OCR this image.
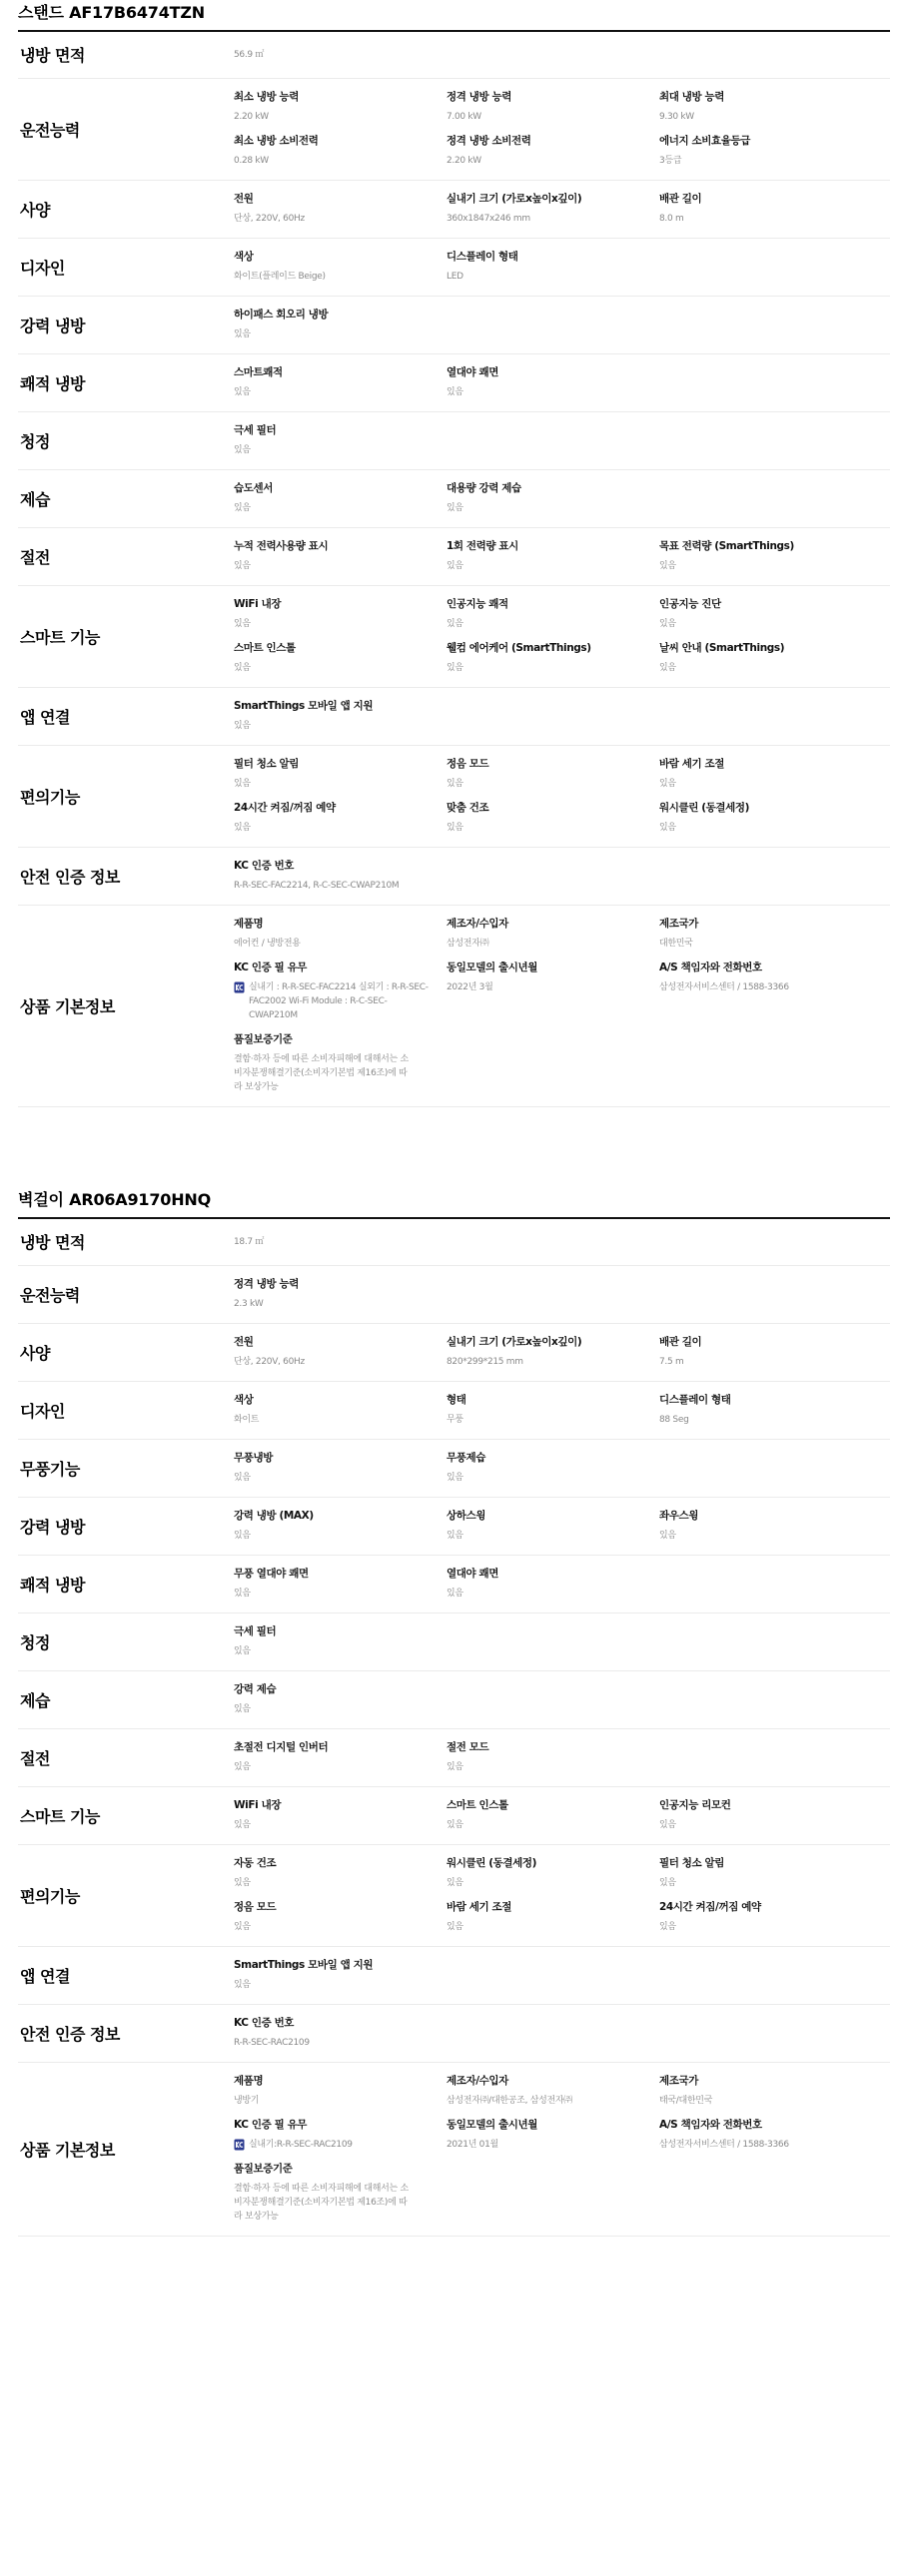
스탠드 AF17B6474TZN
냉방 면적	56.9 ㎡
운전능력
최소 냉방 능력
2.20 kW
정격 냉방 능력
7.00 kW
최대 냉방 능력
9.30 kW
최소 냉방 소비전력
0.28 kW
정격 냉방 소비전력
2.20 kW
에너지 소비효율등급
3등급
사양
전원
단상, 220V, 60Hz
실내기 크기 (가로x높이x깊이)
360x1847x246 mm
배관 길이
8.0 m
디자인
색상
화이트(플레이드 Beige)
디스플레이 형태
LED
강력 냉방
하이패스 회오리 냉방
있음
쾌적 냉방
스마트쾌적
있음
열대야 쾌면
있음
청정
극세 필터
있음
제습
습도센서
있음
대용량 강력 제습
있음
절전
누적 전력사용량 표시
있음
1회 전력량 표시
있음
목표 전력량 (SmartThings)
있음
스마트 기능
WiFi 내장
있음
인공지능 쾌적
있음
인공지능 진단
있음
스마트 인스톨
있음
웰컴 에어케어 (SmartThings)
있음
날씨 안내 (SmartThings)
있음
앱 연결
SmartThings 모바일 앱 지원
있음
편의기능
필터 청소 알림
있음
정음 모드
있음
바람 세기 조절
있음
24시간 켜짐/꺼짐 예약
있음
맞춤 건조
있음
워시클린 (동결세정)
있음
안전 인증 정보
KC 인증 번호
R-R-SEC-FAC2214, R-C-SEC-CWAP210M
상품 기본정보
제품명
에어컨 / 냉방전용
제조자/수입자
삼성전자㈜
제조국가
대한민국
KC 인증 필 유무
실내기 : R-R-SEC-FAC2214 실외기 : R-R-SEC-FAC2002 Wi-Fi Module : R-C-SEC-CWAP210M
동일모델의 출시년월
2022년 3월
A/S 책임자와 전화번호
삼성전자서비스센터 / 1588-3366
품질보증기준
결함·하자 등에 따른 소비자피해에 대해서는 소비자분쟁해결기준(소비자기본법 제16조)에 따라 보상가능
벽걸이 AR06A9170HNQ
냉방 면적	18.7 ㎡
운전능력
정격 냉방 능력
2.3 kW
사양
전원
단상, 220V, 60Hz
실내기 크기 (가로x높이x깊이)
820*299*215 mm
배관 길이
7.5 m
디자인
색상
화이트
형태
무풍
디스플레이 형태
88 Seg
무풍기능
무풍냉방
있음
무풍제습
있음
강력 냉방
강력 냉방 (MAX)
있음
상하스윙
있음
좌우스윙
있음
쾌적 냉방
무풍 열대야 쾌면
있음
열대야 쾌면
있음
청정
극세 필터
있음
제습
강력 제습
있음
절전
초절전 디지털 인버터
있음
절전 모드
있음
스마트 기능
WiFi 내장
있음
스마트 인스톨
있음
인공지능 리모컨
있음
편의기능
자동 건조
있음
워시클린 (동결세정)
있음
필터 청소 알림
있음
정음 모드
있음
바람 세기 조절
있음
24시간 켜짐/꺼짐 예약
있음
앱 연결
SmartThings 모바일 앱 지원
있음
안전 인증 정보
KC 인증 번호
R-R-SEC-RAC2109
상품 기본정보
제품명
냉방기
제조자/수입자
삼성전자㈜/대한공조, 삼성전자㈜
제조국가
태국/대한민국
KC 인증 필 유무
실내기:R-R-SEC-RAC2109
동일모델의 출시년월
2021년 01월
A/S 책임자와 전화번호
삼성전자서비스센터 / 1588-3366
품질보증기준
결함·하자 등에 따른 소비자피해에 대해서는 소비자분쟁해결기준(소비자기본법 제16조)에 따라 보상가능
